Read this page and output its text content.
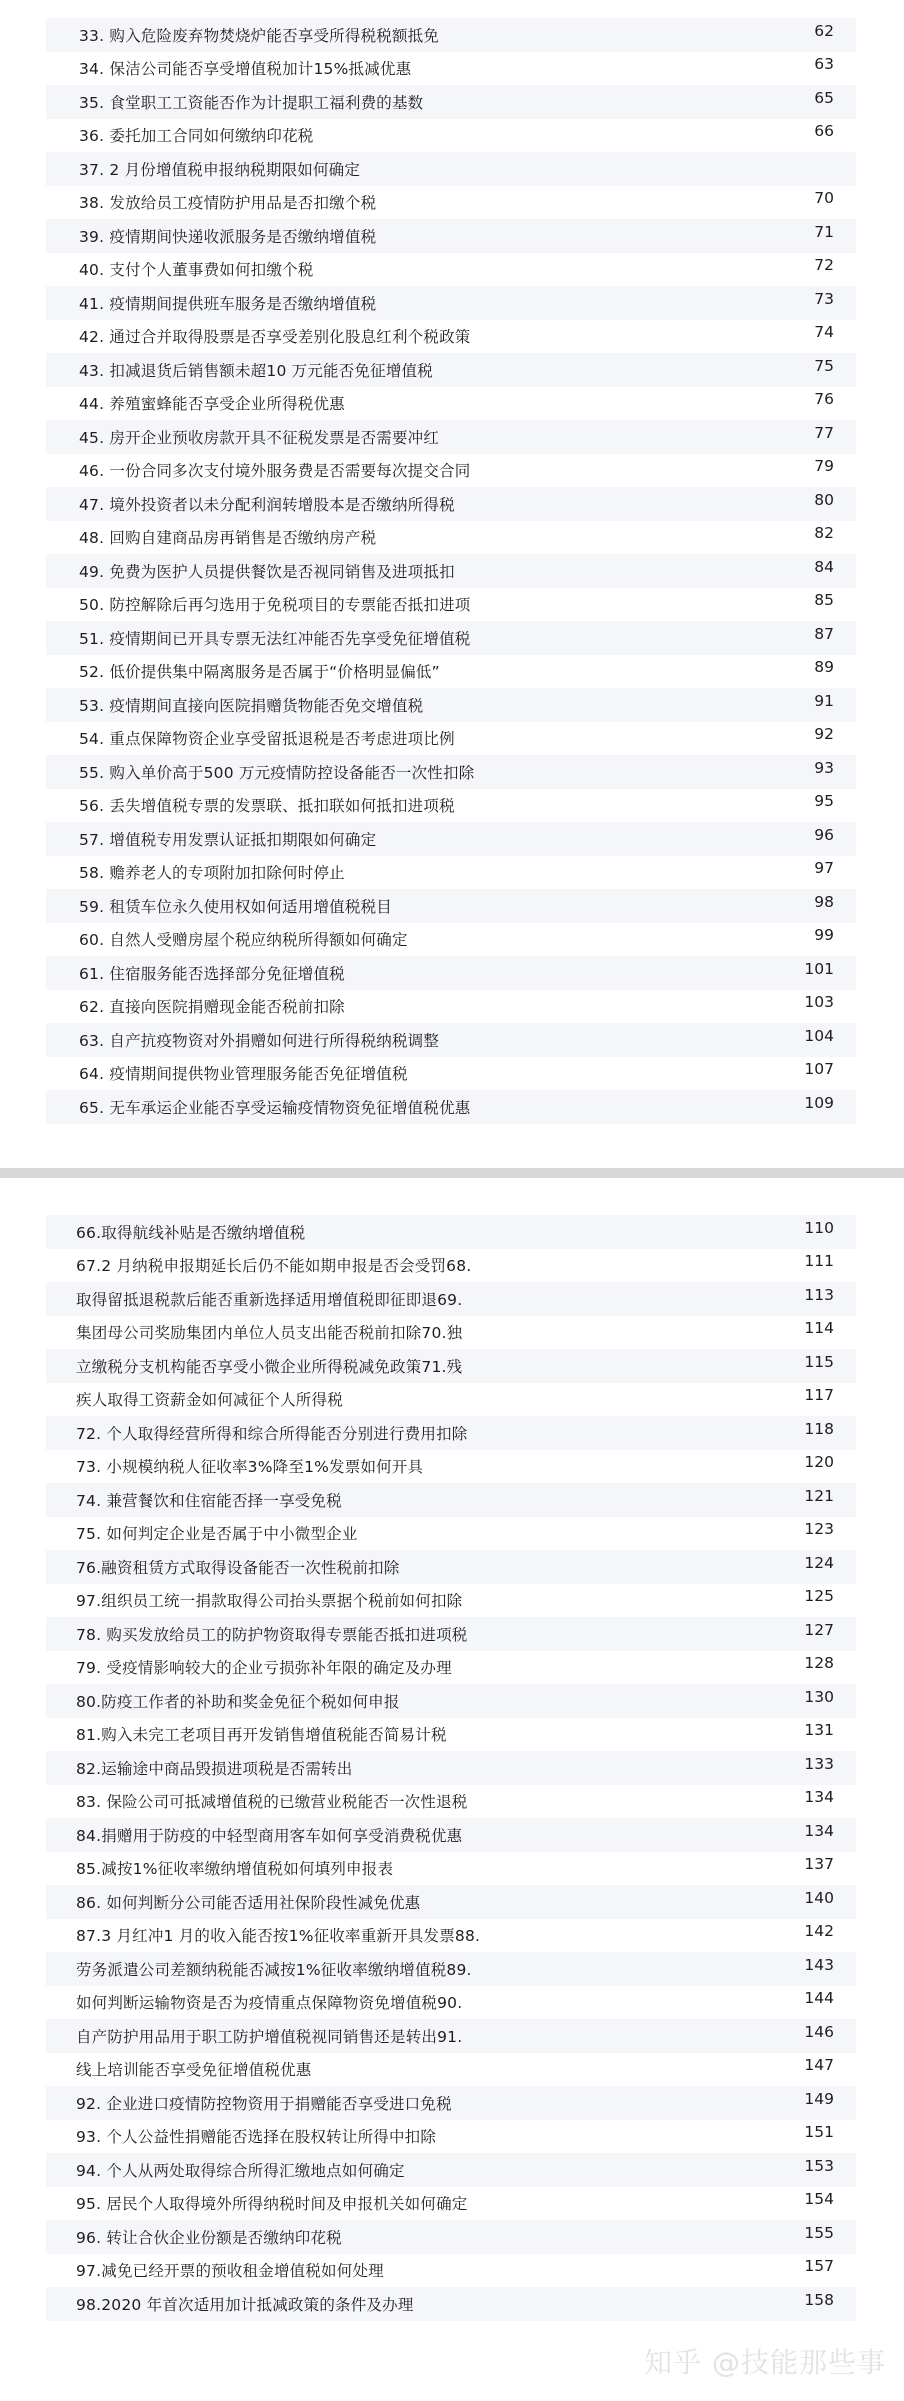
33. 购入危险废弃物焚烧炉能否享受所得税税额抵免	62
34. 保洁公司能否享受增值税加计15%抵减优惠	63
35. 食堂职工工资能否作为计提职工福利费的基数	65
36. 委托加工合同如何缴纳印花税	66
37. 2 月份增值税申报纳税期限如何确定
38. 发放给员工疫情防护用品是否扣缴个税	70
39. 疫情期间快递收派服务是否缴纳增值税	71
40. 支付个人董事费如何扣缴个税	72
41. 疫情期间提供班车服务是否缴纳增值税	73
42. 通过合并取得股票是否享受差别化股息红利个税政策	74
43. 扣减退货后销售额未超10 万元能否免征增值税	75
44. 养殖蜜蜂能否享受企业所得税优惠	76
45. 房开企业预收房款开具不征税发票是否需要冲红	77
46. 一份合同多次支付境外服务费是否需要每次提交合同	79
47. 境外投资者以未分配利润转增股本是否缴纳所得税	80
48. 回购自建商品房再销售是否缴纳房产税	82
49. 免费为医护人员提供餐饮是否视同销售及进项抵扣	84
50. 防控解除后再匀选用于免税项目的专票能否抵扣进项	85
51. 疫情期间已开具专票无法红冲能否先享受免征增值税	87
52. 低价提供集中隔离服务是否属于“价格明显偏低”	89
53. 疫情期间直接向医院捐赠货物能否免交增值税	91
54. 重点保障物资企业享受留抵退税是否考虑进项比例	92
55. 购入单价高于500 万元疫情防控设备能否一次性扣除	93
56. 丢失增值税专票的发票联、抵扣联如何抵扣进项税	95
57. 增值税专用发票认证抵扣期限如何确定	96
58. 赡养老人的专项附加扣除何时停止	97
59. 租赁车位永久使用权如何适用增值税税目	98
60. 自然人受赠房屋个税应纳税所得额如何确定	99
61. 住宿服务能否选择部分免征增值税	101
62. 直接向医院捐赠现金能否税前扣除	103
63. 自产抗疫物资对外捐赠如何进行所得税纳税调整	104
64. 疫情期间提供物业管理服务能否免征增值税	107
65. 无车承运企业能否享受运输疫情物资免征增值税优惠	109
66.取得航线补贴是否缴纳增值税	110
67.2 月纳税申报期延长后仍不能如期申报是否会受罚68.	111
取得留抵退税款后能否重新选择适用增值税即征即退69.	113
集团母公司奖励集团内单位人员支出能否税前扣除70.独	114
立缴税分支机构能否享受小微企业所得税减免政策71.残	115
疾人取得工资薪金如何减征个人所得税	117
72. 个人取得经营所得和综合所得能否分别进行费用扣除	118
73. 小规模纳税人征收率3%降至1%发票如何开具	120
74. 兼营餐饮和住宿能否择一享受免税	121
75. 如何判定企业是否属于中小微型企业	123
76.融资租赁方式取得设备能否一次性税前扣除	124
97.组织员工统一捐款取得公司抬头票据个税前如何扣除	125
78. 购买发放给员工的防护物资取得专票能否抵扣进项税	127
79. 受疫情影响较大的企业亏损弥补年限的确定及办理	128
80.防疫工作者的补助和奖金免征个税如何申报	130
81.购入未完工老项目再开发销售增值税能否简易计税	131
82.运输途中商品毁损进项税是否需转出	133
83. 保险公司可抵减增值税的已缴营业税能否一次性退税	134
84.捐赠用于防疫的中轻型商用客车如何享受消费税优惠	134
85.减按1%征收率缴纳增值税如何填列申报表	137
86. 如何判断分公司能否适用社保阶段性减免优惠	140
87.3 月红冲1 月的收入能否按1%征收率重新开具发票88.	142
劳务派遣公司差额纳税能否减按1%征收率缴纳增值税89.	143
如何判断运输物资是否为疫情重点保障物资免增值税90.	144
自产防护用品用于职工防护增值税视同销售还是转出91.	146
线上培训能否享受免征增值税优惠	147
92. 企业进口疫情防控物资用于捐赠能否享受进口免税	149
93. 个人公益性捐赠能否选择在股权转让所得中扣除	151
94. 个人从两处取得综合所得汇缴地点如何确定	153
95. 居民个人取得境外所得纳税时间及申报机关如何确定	154
96. 转让合伙企业份额是否缴纳印花税	155
97.减免已经开票的预收租金增值税如何处理	157
98.2020 年首次适用加计抵减政策的条件及办理	158
知乎 @技能那些事
